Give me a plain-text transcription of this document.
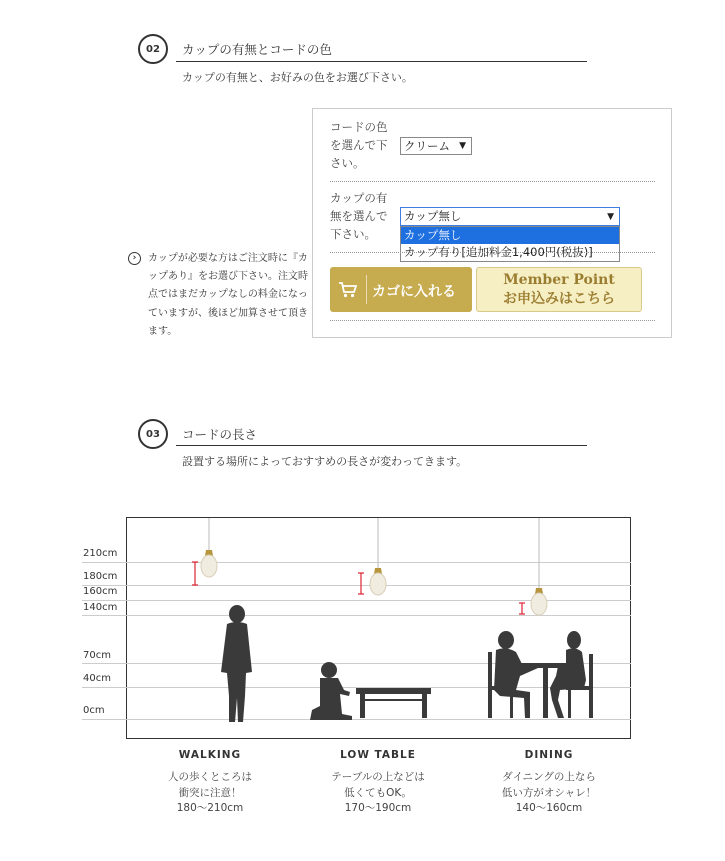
02	カップの有無とコードの色
カップの有無と、お好みの色をお選び下さい。
›	カップが必要な方はご注文時に『カップあり』をお選び下さい。注文時点ではまだカップなしの料金になっていますが、後ほど加算させて頂きます。
コードの色
を選んで下
さい。
クリーム ▼
カップの有
無を選んで
下さい。
カップ無し	▼
カップ無し
カップ有り[追加料金1,400円(税抜)]
カゴに入れる
Member Point
お申込みはこちら
03	コードの長さ
設置する場所によっておすすめの長さが変わってきます。
210cm
180cm
160cm
140cm
70cm
40cm
0cm
WALKING
人の歩くところは
衝突に注意！
180〜210cm
LOW TABLE
テーブルの上などは
低くてもOK。
170〜190cm
DINING
ダイニングの上なら
低い方がオシャレ！
140〜160cm
